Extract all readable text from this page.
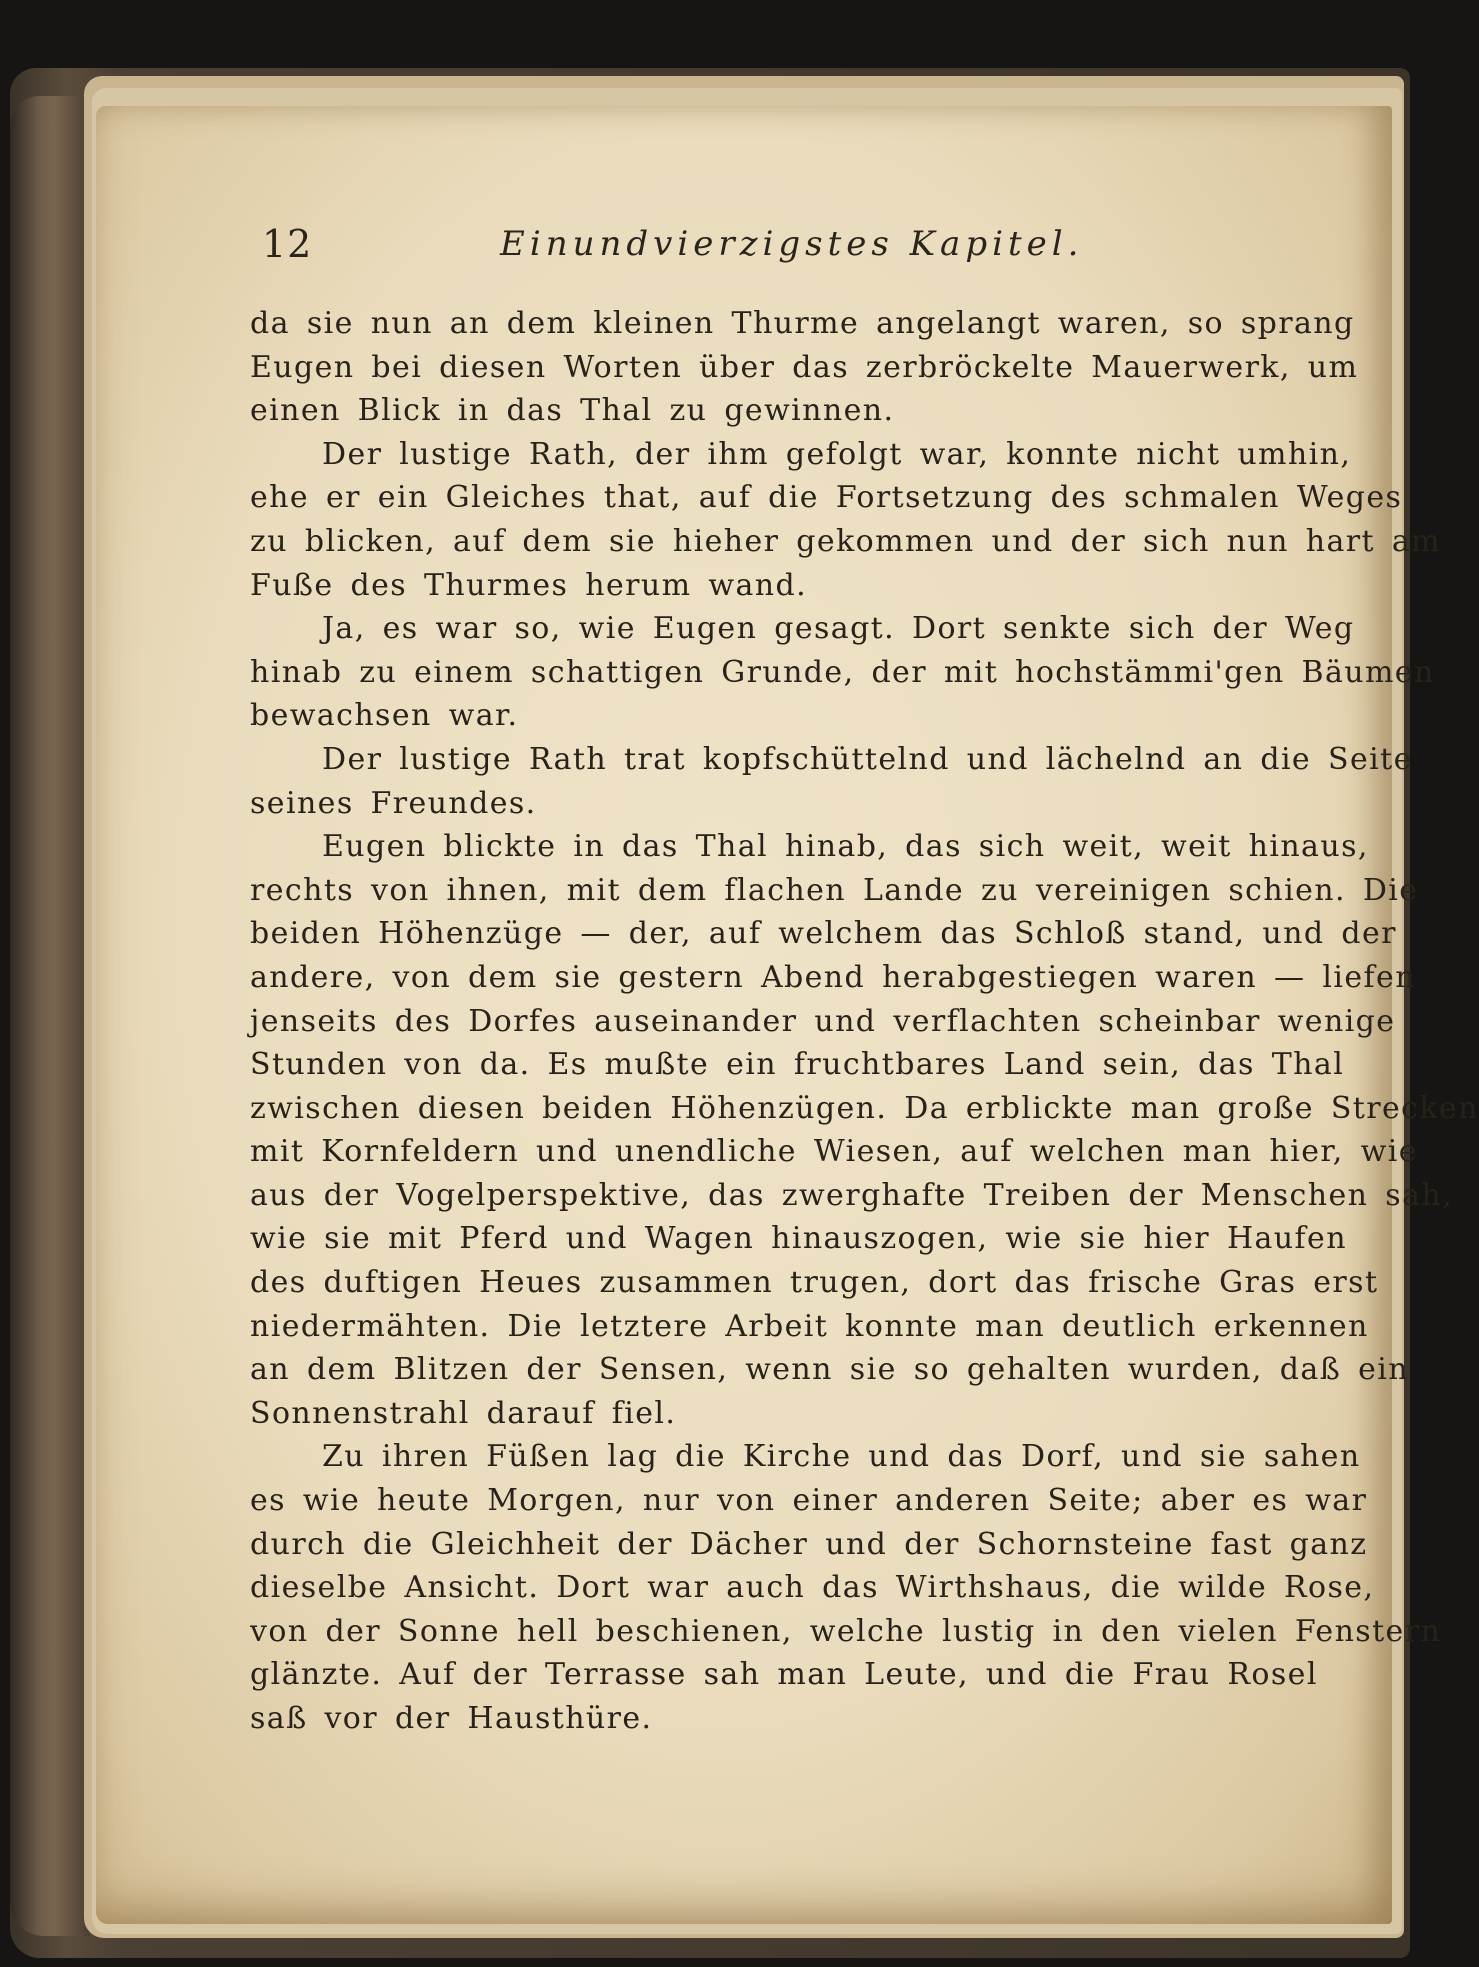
12	Einundvierzigstes Kapitel.
da sie nun an dem kleinen Thurme angelangt waren, so sprang
Eugen bei diesen Worten über das zerbröckelte Mauerwerk, um
einen Blick in das Thal zu gewinnen.
Der lustige Rath, der ihm gefolgt war, konnte nicht umhin,
ehe er ein Gleiches that, auf die Fortsetzung des schmalen Weges
zu blicken, auf dem sie hieher gekommen und der sich nun hart am
Fuße des Thurmes herum wand.
Ja, es war so, wie Eugen gesagt. Dort senkte sich der Weg
hinab zu einem schattigen Grunde, der mit hochstämmi'gen Bäumen
bewachsen war.
Der lustige Rath trat kopfschüttelnd und lächelnd an die Seite
seines Freundes.
Eugen blickte in das Thal hinab, das sich weit, weit hinaus,
rechts von ihnen, mit dem flachen Lande zu vereinigen schien. Die
beiden Höhenzüge — der, auf welchem das Schloß stand, und der
andere, von dem sie gestern Abend herabgestiegen waren — liefen
jenseits des Dorfes auseinander und verflachten scheinbar wenige
Stunden von da. Es mußte ein fruchtbares Land sein, das Thal
zwischen diesen beiden Höhenzügen. Da erblickte man große Strecken
mit Kornfeldern und unendliche Wiesen, auf welchen man hier, wie
aus der Vogelperspektive, das zwerghafte Treiben der Menschen sah,
wie sie mit Pferd und Wagen hinauszogen, wie sie hier Haufen
des duftigen Heues zusammen trugen, dort das frische Gras erst
niedermähten. Die letztere Arbeit konnte man deutlich erkennen
an dem Blitzen der Sensen, wenn sie so gehalten wurden, daß ein
Sonnenstrahl darauf fiel.
Zu ihren Füßen lag die Kirche und das Dorf, und sie sahen
es wie heute Morgen, nur von einer anderen Seite; aber es war
durch die Gleichheit der Dächer und der Schornsteine fast ganz
dieselbe Ansicht. Dort war auch das Wirthshaus, die wilde Rose,
von der Sonne hell beschienen, welche lustig in den vielen Fenstern
glänzte. Auf der Terrasse sah man Leute, und die Frau Rosel
saß vor der Hausthüre.
